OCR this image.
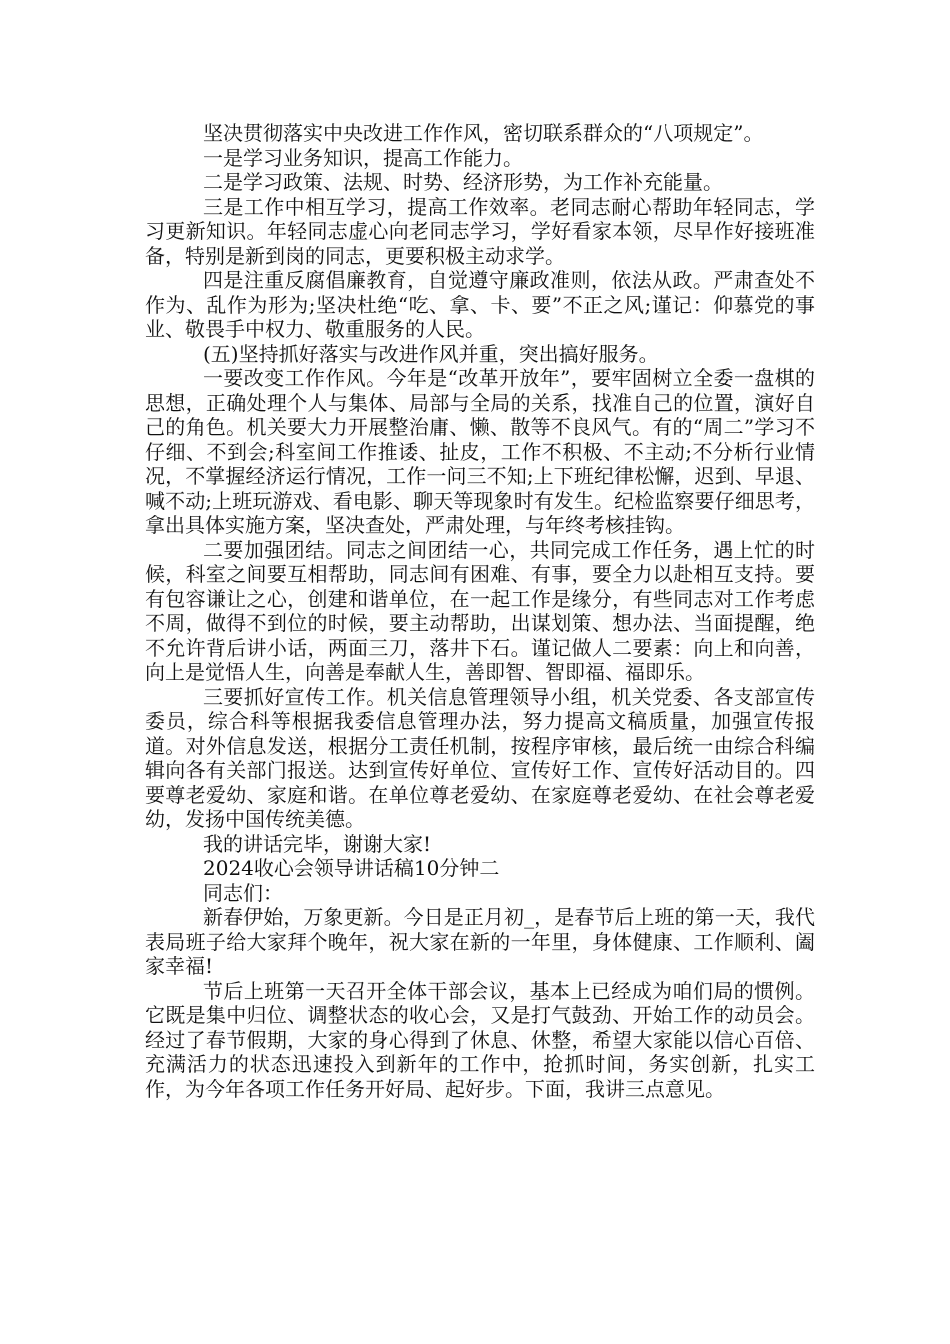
坚决贯彻落实中央改进工作作风，密切联系群众的“八项规定”。

一是学习业务知识，提高工作能力。

二是学习政策、法规、时势、经济形势，为工作补充能量。

三是工作中相互学习，提高工作效率。老同志耐心帮助年轻同志，学习更新知识。年轻同志虚心向老同志学习，学好看家本领，尽早作好接班准备，特别是新到岗的同志，更要积极主动求学。

四是注重反腐倡廉教育，自觉遵守廉政准则，依法从政。严肃查处不作为、乱作为形为;坚决杜绝“吃、拿、卡、要”不正之风;谨记：仰慕党的事业、敬畏手中权力、敬重服务的人民。

(五)坚持抓好落实与改进作风并重，突出搞好服务。

一要改变工作作风。今年是“改革开放年”，要牢固树立全委一盘棋的思想，正确处理个人与集体、局部与全局的关系，找准自己的位置，演好自己的角色。机关要大力开展整治庸、懒、散等不良风气。有的“周二”学习不仔细、不到会;科室间工作推诿、扯皮，工作不积极、不主动;不分析行业情况，不掌握经济运行情况，工作一问三不知;上下班纪律松懈，迟到、早退、喊不动;上班玩游戏、看电影、聊天等现象时有发生。纪检监察要仔细思考，拿出具体实施方案，坚决查处，严肃处理，与年终考核挂钩。

二要加强团结。同志之间团结一心，共同完成工作任务，遇上忙的时候，科室之间要互相帮助，同志间有困难、有事，要全力以赴相互支持。要有包容谦让之心，创建和谐单位，在一起工作是缘分，有些同志对工作考虑不周，做得不到位的时候，要主动帮助，出谋划策、想办法、当面提醒，绝不允许背后讲小话，两面三刀，落井下石。谨记做人二要素：向上和向善，向上是觉悟人生，向善是奉献人生，善即智、智即福、福即乐。

三要抓好宣传工作。机关信息管理领导小组，机关党委、各支部宣传委员，综合科等根据我委信息管理办法，努力提高文稿质量，加强宣传报道。对外信息发送，根据分工责任机制，按程序审核，最后统一由综合科编辑向各有关部门报送。达到宣传好单位、宣传好工作、宣传好活动目的。四要尊老爱幼、家庭和谐。在单位尊老爱幼、在家庭尊老爱幼、在社会尊老爱幼，发扬中国传统美德。

我的讲话完毕，谢谢大家!

2024收心会领导讲话稿10分钟二

同志们：

新春伊始，万象更新。今日是正月初_，是春节后上班的第一天，我代表局班子给大家拜个晚年，祝大家在新的一年里，身体健康、工作顺利、阖家幸福!

节后上班第一天召开全体干部会议，基本上已经成为咱们局的惯例。它既是集中归位、调整状态的收心会，又是打气鼓劲、开始工作的动员会。经过了春节假期，大家的身心得到了休息、休整，希望大家能以信心百倍、充满活力的状态迅速投入到新年的工作中，抢抓时间，务实创新，扎实工作，为今年各项工作任务开好局、起好步。下面，我讲三点意见。
